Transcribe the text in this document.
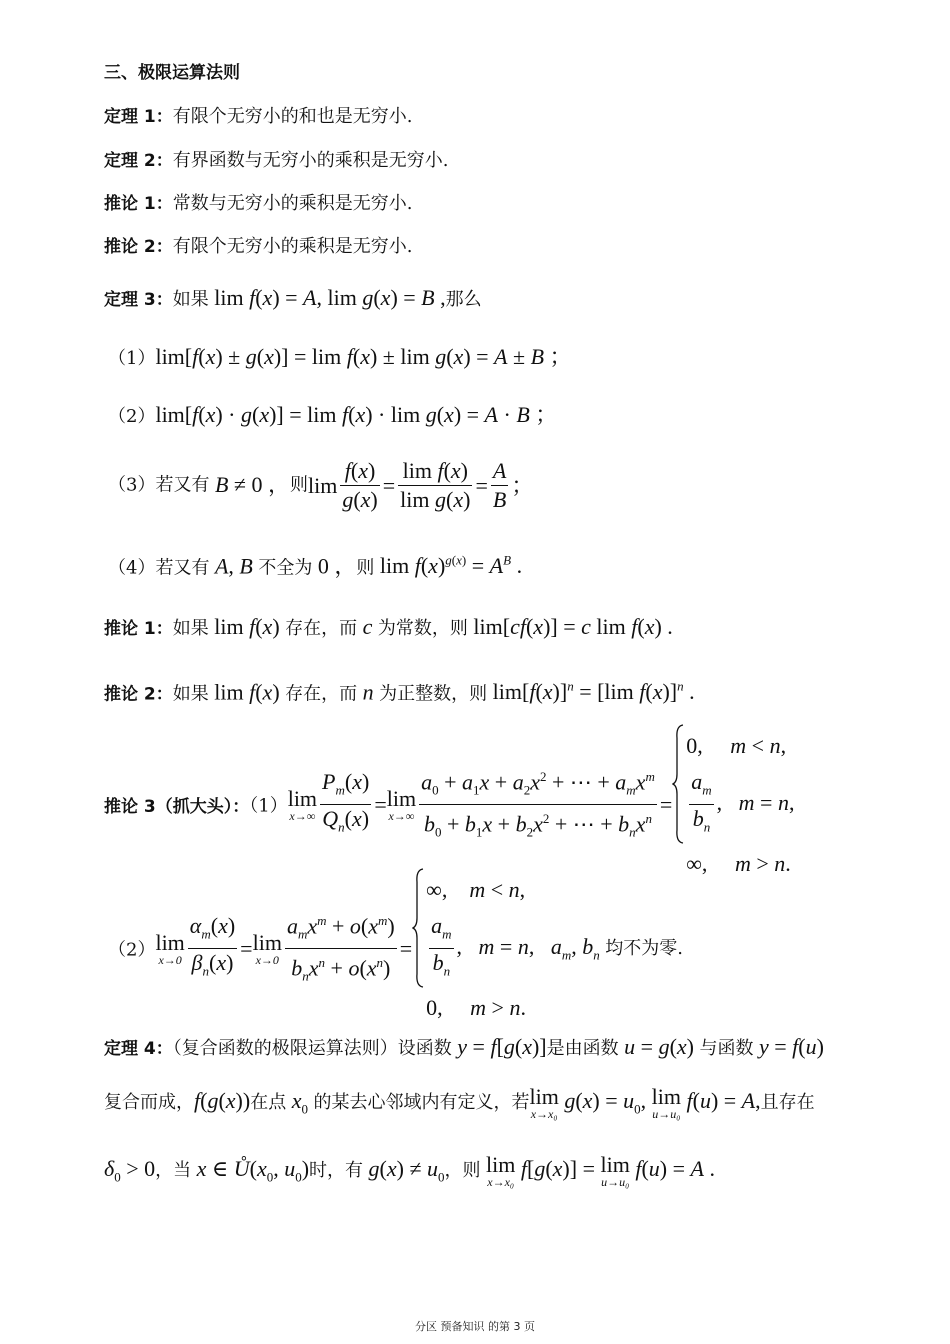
三、极限运算法则
定理 1：有限个无穷小的和也是无穷小.
定理 2：有界函数与无穷小的乘积是无穷小.
推论 1：常数与无穷小的乘积是无穷小.
推论 2：有限个无穷小的乘积是无穷小.
定理 3：如果 lim f(x) = A, lim g(x) = B ,那么
（1）lim[f(x) ± g(x)] = lim f(x) ± lim g(x) = A ± B ；
（2）lim[f(x) · g(x)] = lim f(x) · lim g(x) = A · B ；
（3）若又有 B ≠ 0 ，则$\lim \frac{f(x)}{g(x)} = \frac{\text{lim f(x)}}{\text{lim g(x)}} = \frac{A}{B}$ ；
（4）若又有 A, B 不全为 0 ，则 $\lim f(x)^{g(x)} = A^B$ .
推论 1：如果 lim f(x) 存在，而 c 为常数，则 lim[cf(x)] = c lim f(x) .
推论 2：如果 lim f(x) 存在，而 n 为正整数，则 $\lim[f(x)]^n = [\lim$ f(x)]$^n$ .
推论 3（抓大头）：（1）lim
$x\to\infty \frac{P_m(x)}{Q_n(x)} =\lim$
$x\to\infty \frac{a_0 + a_1x + a_2x^2 + \cdots + a_mx^m}{b_0 + b_1x + b_2x^2 + \cdots + b_nx^n}$ =
0,     m < n,
$\frac{a_m}{b_n}$ ,   m = n,
∞,     m > n.
（2）lim
$x\to 0 \frac{\alpha_m(x)}{\beta_n(x)} =\lim$
$x\to 0 \frac{a_mx^m + o(x^m)}{b_nx^n + o(x^n)}$ =
∞,    m < n,
$\frac{a_m}{b_n}$ ,   m = n,   $a_m$, $b_n$ 均不为零.
0,     m > n.
定理 4：（复合函数的极限运算法则）设函数 y = f[g(x)]是由函数 u = g(x) 与函数 y = f(u)
复合而成，f(g(x))在点 $x_0$ 的某去心邻域内有定义，若lim
x→x₀
$g(x) = u_0$, lim
u→u₀
f(u) = A,且存在
$\delta_0 > 0$，当 x ∈ $Ů(x_0$, $u_0$)时，有 $g(x) \ne u_0$，则 lim
x→x₀
f[g(x)] = lim
u→u₀
f(u) = A .
分区 预备知识 的第 3 页
